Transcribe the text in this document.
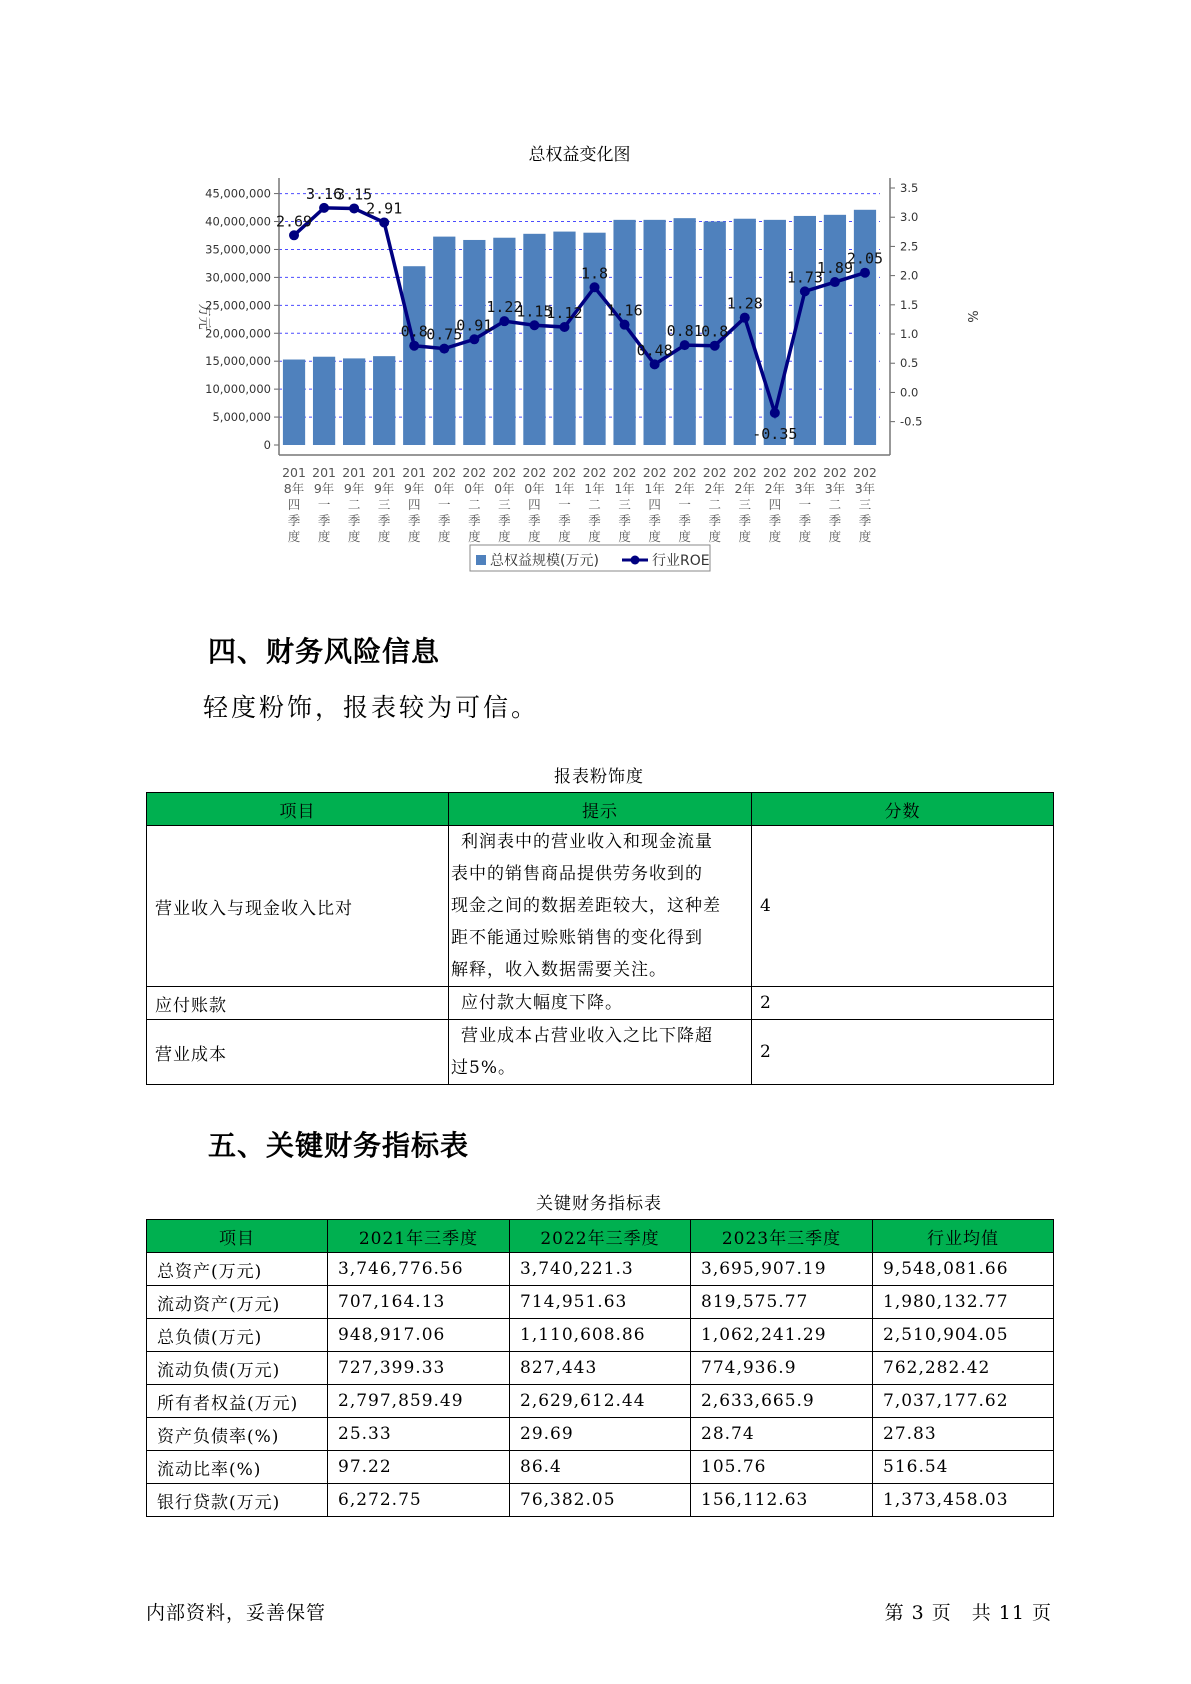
总权益变化图
45,000,000
40,000,000
35,000,000
30,000,000
25,000,000
20,000,000
15,000,000
10,000,000
5,000,000
0
3.5
3.0
2.5
2.0
1.5
1.0
0.5
0.0
-0.5
万元	%
201
8年
四
季
度
201
9年
一
季
度
201
9年
二
季
度
201
9年
三
季
度
201
9年
四
季
度
202
0年
一
季
度
202
0年
二
季
度
202
0年
三
季
度
202
0年
四
季
度
202
1年
一
季
度
202
1年
二
季
度
202
1年
三
季
度
202
1年
四
季
度
202
2年
一
季
度
202
2年
二
季
度
202
2年
三
季
度
202
2年
四
季
度
202
3年
一
季
度
202
3年
二
季
度
202
3年
三
季
度
2.69
3.16
3.15
2.91
0.8
0.75
0.91
1.22
1.15
1.12
1.8
1.16
0.48
0.81
0.8
1.28
-0.35
1.73
1.89
2.05
总权益规模(万元)	行业ROE
四、财务风险信息
轻度粉饰，报表较为可信。
报表粉饰度
项目	提示	分数
营业收入与现金收入比对	利润表中的营业收入和现金流量
表中的销售商品提供劳务收到的
现金之间的数据差距较大，这种差
距不能通过赊账销售的变化得到
解释，收入数据需要关注。	4
应付账款	应付款大幅度下降。	2
营业成本	营业成本占营业收入之比下降超
过5%。	2
五、关键财务指标表
关键财务指标表
项目	2021年三季度	2022年三季度	2023年三季度	行业均值
总资产(万元)	3,746,776.56	3,740,221.3	3,695,907.19	9,548,081.66
流动资产(万元)	707,164.13	714,951.63	819,575.77	1,980,132.77
总负债(万元)	948,917.06	1,110,608.86	1,062,241.29	2,510,904.05
流动负债(万元)	727,399.33	827,443	774,936.9	762,282.42
所有者权益(万元)	2,797,859.49	2,629,612.44	2,633,665.9	7,037,177.62
资产负债率(%)	25.33	29.69	28.74	27.83
流动比率(%)	97.22	86.4	105.76	516.54
银行贷款(万元)	6,272.75	76,382.05	156,112.63	1,373,458.03
内部资料，妥善保管	第 3 页　共 11 页
